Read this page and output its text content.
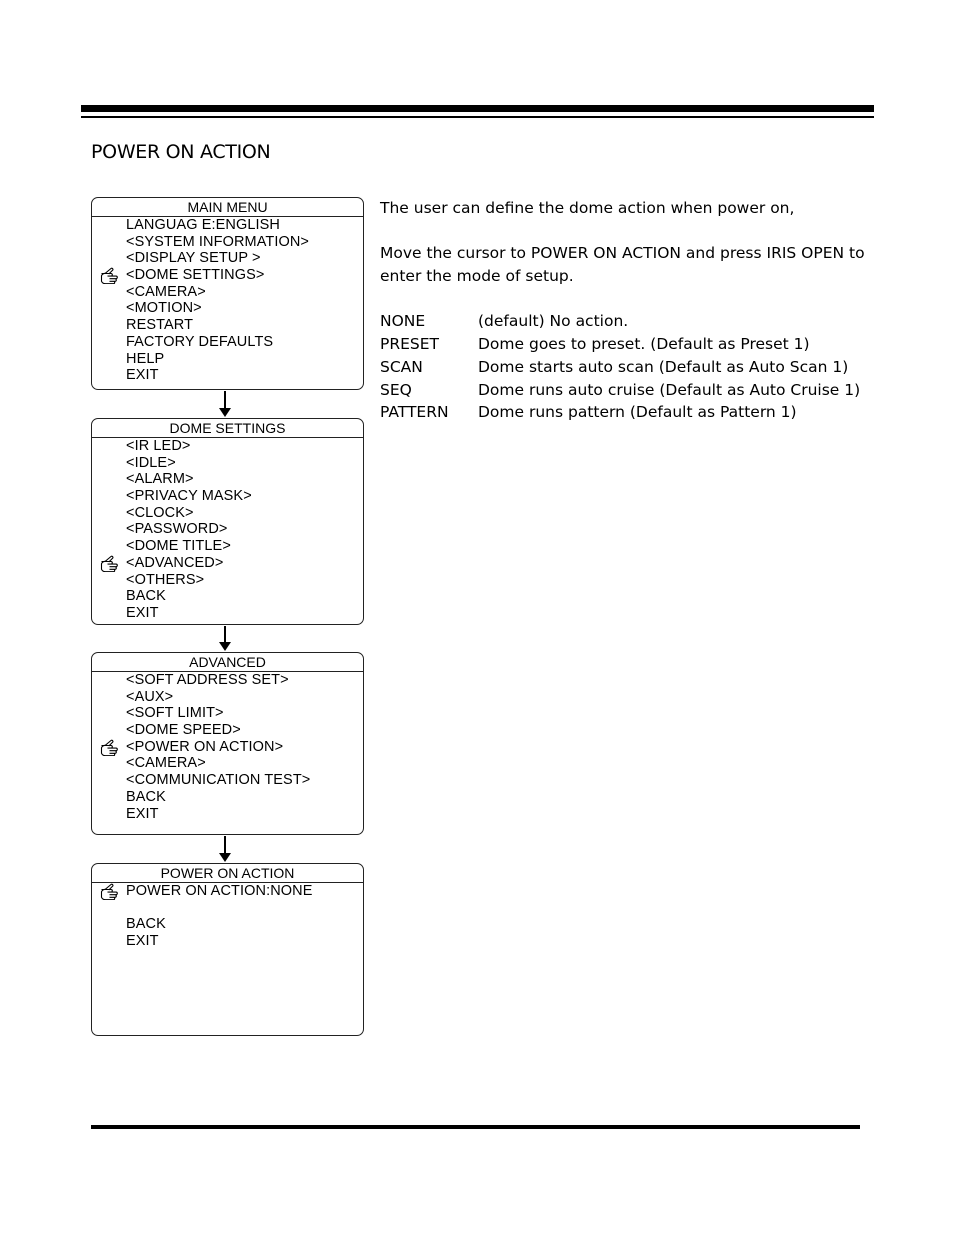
POWER ON ACTION
MAIN MENU
LANGUAG E:ENGLISH
<SYSTEM INFORMATION>
<DISPLAY SETUP >
<DOME SETTINGS>
<CAMERA>
<MOTION>
RESTART
FACTORY DEFAULTS
HELP
EXIT
DOME SETTINGS
<IR LED>
<IDLE>
<ALARM>
<PRIVACY MASK>
<CLOCK>
<PASSWORD>
<DOME TITLE>
<ADVANCED>
<OTHERS>
BACK
EXIT
ADVANCED
<SOFT ADDRESS SET>
<AUX>
<SOFT LIMIT>
<DOME SPEED>
<POWER ON ACTION>
<CAMERA>
<COMMUNICATION TEST>
BACK
EXIT
POWER ON ACTION
POWER ON ACTION:NONE
BACK
EXIT

The user can define the dome action when power on,

Move the cursor to POWER ON ACTION and press IRIS OPEN to enter the mode of setup.

NONE	(default) No action.
PRESET	Dome goes to preset. (Default as Preset 1)
SCAN	Dome starts auto scan (Default as Auto Scan 1)
SEQ	Dome runs auto cruise (Default as Auto Cruise 1)
PATTERN	Dome runs pattern (Default as Pattern 1)
